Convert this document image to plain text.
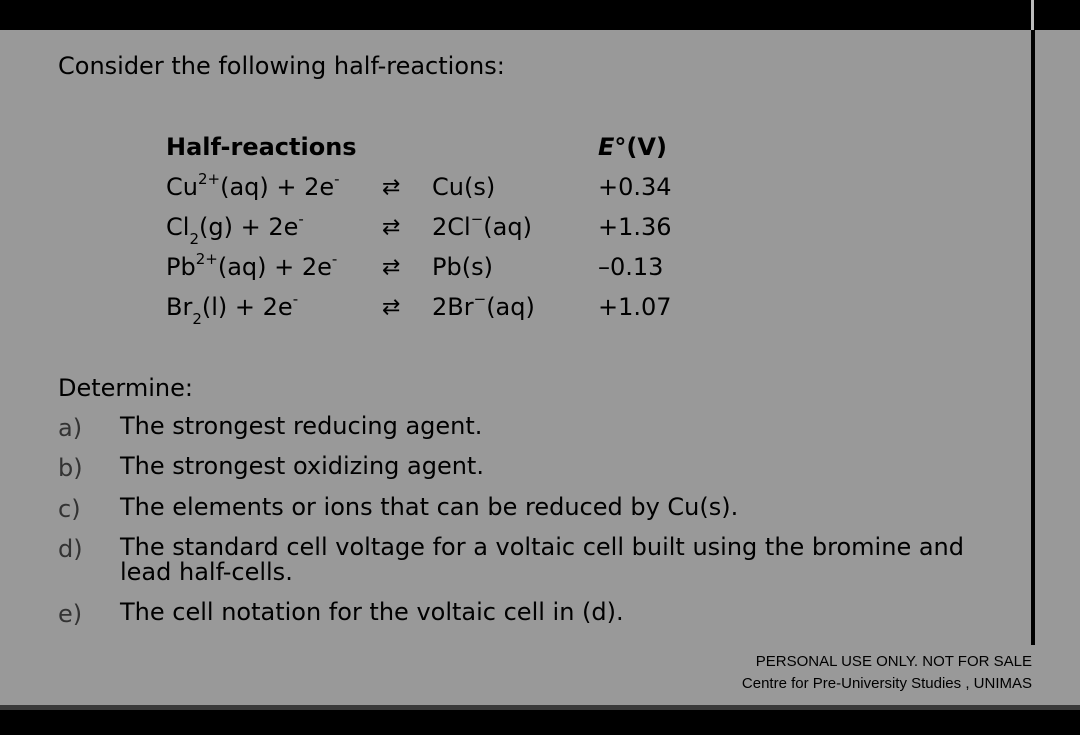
Consider the following half-reactions:
Half-reactions	E°(V)
$Cu^{2+}(aq) + 2e^-$ ⇄ Cu(s)	+0.34
$Cl_2(g) + 2e^-$	⇄ 2Cl−(aq)	+1.36
$Pb^{2+}(aq) + 2e^-$ ⇄ Pb(s)	–0.13
$Br_2(l) + 2e^-$	⇄ 2Br−(aq)	+1.07
Determine:
a) The strongest reducing agent.
b) The strongest oxidizing agent.
c) The elements or ions that can be reduced by Cu(s).
d) The standard cell voltage for a voltaic cell built using the bromine and lead half-cells.
e) The cell notation for the voltaic cell in (d).
PERSONAL USE ONLY. NOT FOR SALE
Centre for Pre-University Studies , UNIMAS
